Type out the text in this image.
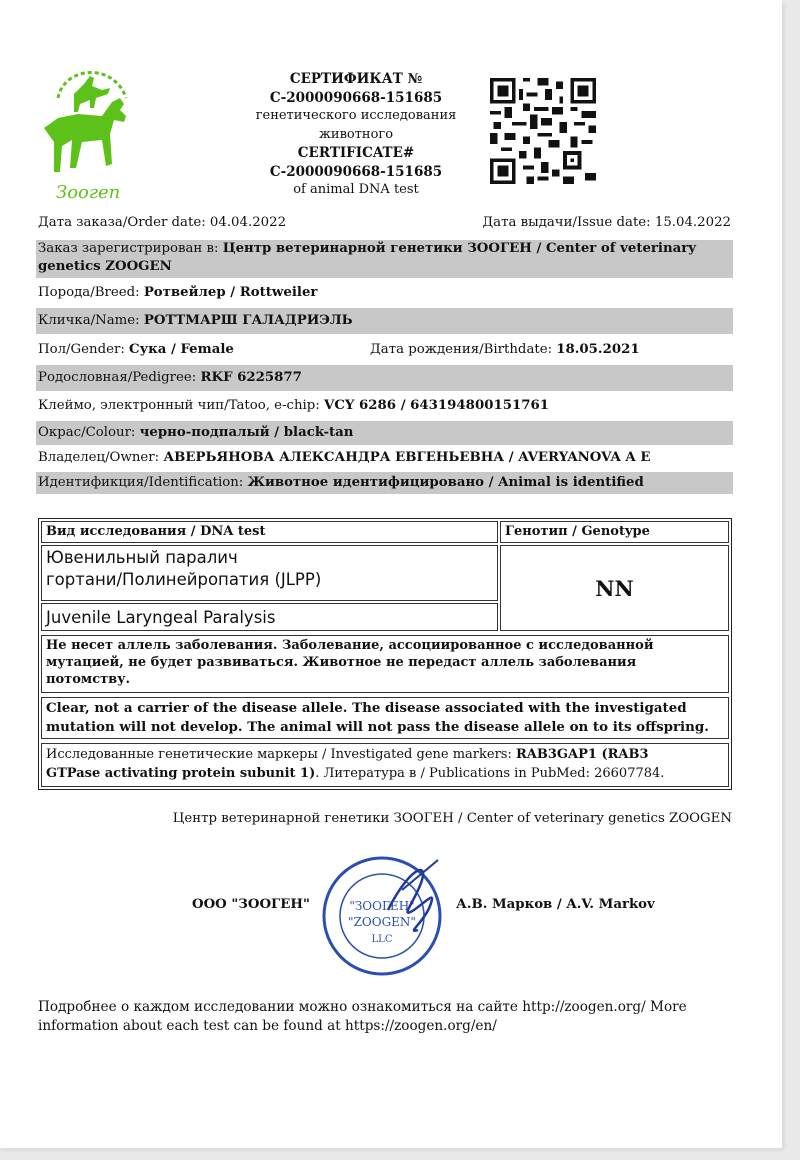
Зоогеn
СЕРТИФИКАТ №
С-2000090668-151685
генетического исследования
животного
CERTIFICATE#
С-2000090668-151685
of animal DNA test
Дата заказа/Order date: 04.04.2022	Дата выдачи/Issue date: 15.04.2022
Заказ зарегистрирован в: Центр ветеринарной генетики ЗООГЕН / Center of veterinary
genetics ZOOGEN
Порода/Breed: Ротвейлер / Rottweiler
Кличка/Name: РОТТМАРШ ГАЛАДРИЭЛЬ
Пол/Gender: Сука / Female	Дата рождения/Birthdate: 18.05.2021
Родословная/Pedigree: RKF 6225877
Клеймо, электронный чип/Tatoo, e-chip: VCY 6286 / 643194800151761
Окрас/Colour: черно-подпалый / black-tan
Владелец/Owner: АВЕРЬЯНОВА АЛЕКСАНДРА ЕВГЕНЬЕВНА / AVERYANOVA A E
Идентификция/Identification: Животное идентифицировано / Animal is identified
Вид исследования / DNA test	Генотип / Genotype
Ювенильный паралич
гортани/Полинейропатия (JLPP)
Juvenile Laryngeal Paralysis
NN
Не несет аллель заболевания. Заболевание, ассоциированное с исследованной
мутацией, не будет развиваться. Животное не передаст аллель заболевания
потомству.
Clear, not a carrier of the disease allele. The disease associated with the investigated
mutation will not develop. The animal will not pass the disease allele on to its offspring.
Исследованные генетические маркеры / Investigated gene markers: RAB3GAP1 (RAB3
GTPase activating protein subunit 1). Литература в / Publications in PubMed: 26607784.
Центр ветеринарной генетики ЗООГЕН / Center of veterinary genetics ZOOGEN
ООО "ЗООГЕН"	"ЗООГЕН"
"ZOOGEN"
LLC
А.В. Марков / A.V. Markov
Подробнее о каждом исследовании можно ознакомиться на сайте http://zoogen.org/ More
information about each test can be found at https://zoogen.org/en/
